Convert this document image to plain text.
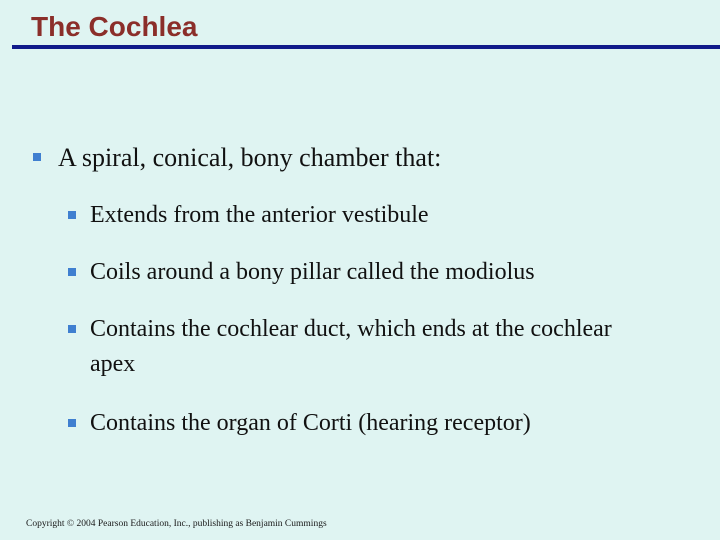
The Cochlea
A spiral, conical, bony chamber that:
Extends from the anterior vestibule
Coils around a bony pillar called the modiolus
Contains the cochlear duct, which ends at the cochlear apex
Contains the organ of Corti (hearing receptor)
Copyright © 2004 Pearson Education, Inc., publishing as Benjamin Cummings
